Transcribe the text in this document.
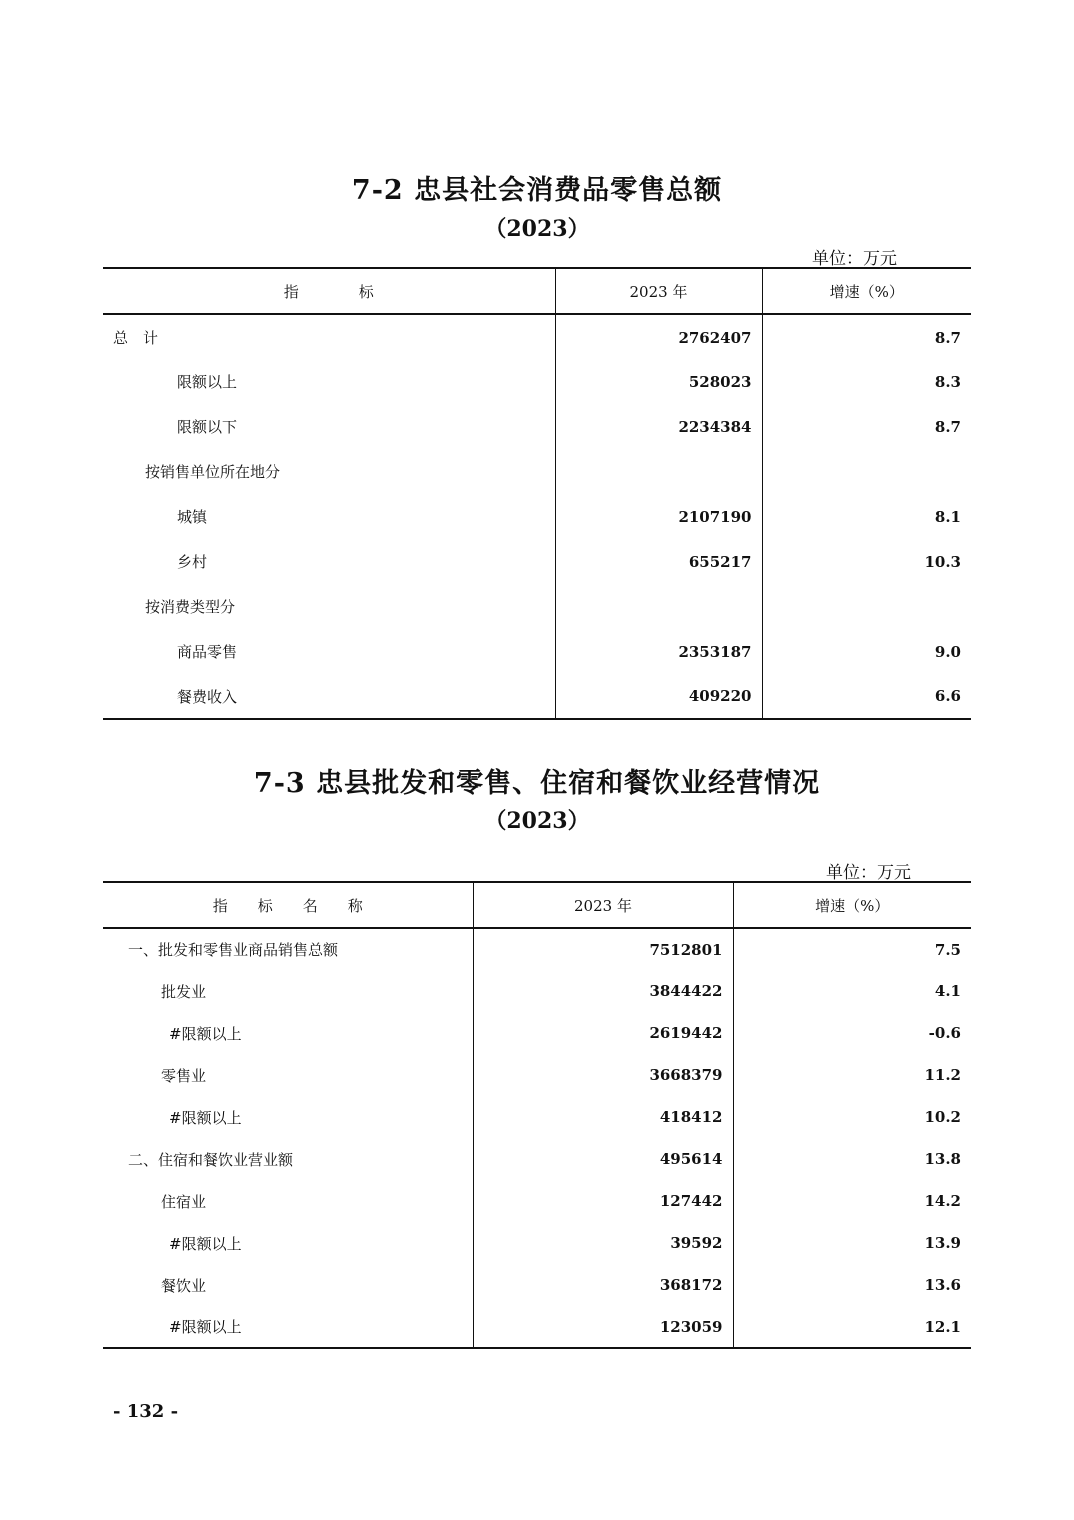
7-2 忠县社会消费品零售总额
（2023）
单位：万元
指　　　　标	2023 年	增速（%）
总　计	2762407	8.7
限额以上	528023	8.3
限额以下	2234384	8.7
按销售单位所在地分		
城镇	2107190	8.1
乡村	655217	10.3
按消费类型分		
商品零售	2353187	9.0
餐费收入	409220	6.6
7-3 忠县批发和零售、住宿和餐饮业经营情况
（2023）
单位：万元
指　　标　　名　　称	2023 年	增速（%）
一、批发和零售业商品销售总额	7512801	7.5
批发业	3844422	4.1
#限额以上	2619442	-0.6
零售业	3668379	11.2
#限额以上	418412	10.2
二、住宿和餐饮业营业额	495614	13.8
住宿业	127442	14.2
#限额以上	39592	13.9
餐饮业	368172	13.6
#限额以上	123059	12.1
- 132 -
